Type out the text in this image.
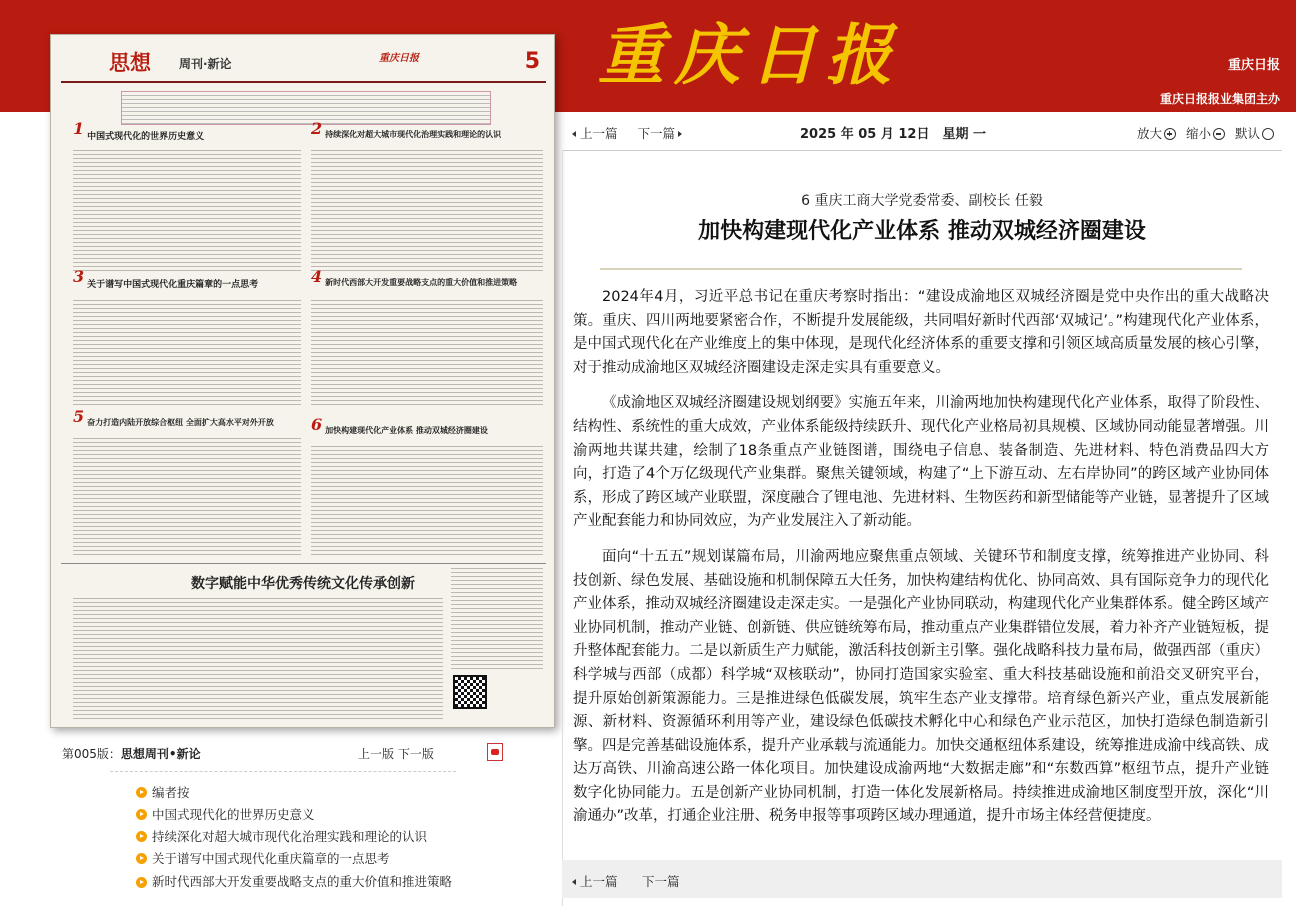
重庆日报	重庆日报
重庆日报报业集团主办
思想 周刊·新论	重庆日报	5
1 中国式现代化的世界历史意义	2 持续深化对超大城市现代化治理实践和理论的认识
3 关于谱写中国式现代化重庆篇章的一点思考	4 新时代西部大开发重要战略支点的重大价值和推进策略
5 奋力打造内陆开放综合枢纽 全面扩大高水平对外开放	6 加快构建现代化产业体系 推动双城经济圈建设
数字赋能中华优秀传统文化传承创新
第005版：思想周刊•新论	上一版 下一版
编者按
中国式现代化的世界历史意义
持续深化对超大城市现代化治理实践和理论的认识
关于谱写中国式现代化重庆篇章的一点思考
新时代西部大开发重要战略支点的重大价值和推进策略
上一篇 下一篇	2025 年 05 月 12日　星期 一	放大 缩小 默认
6 重庆工商大学党委常委、副校长 任毅
加快构建现代化产业体系 推动双城经济圈建设

2024年4月，习近平总书记在重庆考察时指出：“建设成渝地区双城经济圈是党中央作出的重大战略决策。重庆、四川两地要紧密合作，不断提升发展能级，共同唱好新时代西部‘双城记’。”构建现代化产业体系，是中国式现代化在产业维度上的集中体现，是现代化经济体系的重要支撑和引领区域高质量发展的核心引擎，对于推动成渝地区双城经济圈建设走深走实具有重要意义。

《成渝地区双城经济圈建设规划纲要》实施五年来，川渝两地加快构建现代化产业体系，取得了阶段性、结构性、系统性的重大成效，产业体系能级持续跃升、现代化产业格局初具规模、区域协同动能显著增强。川渝两地共谋共建，绘制了18条重点产业链图谱，围绕电子信息、装备制造、先进材料、特色消费品四大方向，打造了4个万亿级现代产业集群。聚焦关键领域，构建了“上下游互动、左右岸协同”的跨区域产业协同体系，形成了跨区域产业联盟，深度融合了锂电池、先进材料、生物医药和新型储能等产业链，显著提升了区域产业配套能力和协同效应，为产业发展注入了新动能。

面向“十五五”规划谋篇布局，川渝两地应聚焦重点领域、关键环节和制度支撑，统筹推进产业协同、科技创新、绿色发展、基础设施和机制保障五大任务，加快构建结构优化、协同高效、具有国际竞争力的现代化产业体系，推动双城经济圈建设走深走实。一是强化产业协同联动，构建现代化产业集群体系。健全跨区域产业协同机制，推动产业链、创新链、供应链统筹布局，推动重点产业集群错位发展，着力补齐产业链短板，提升整体配套能力。二是以新质生产力赋能，激活科技创新主引擎。强化战略科技力量布局，做强西部（重庆）科学城与西部（成都）科学城“双核联动”，协同打造国家实验室、重大科技基础设施和前沿交叉研究平台，提升原始创新策源能力。三是推进绿色低碳发展，筑牢生态产业支撑带。培育绿色新兴产业，重点发展新能源、新材料、资源循环利用等产业，建设绿色低碳技术孵化中心和绿色产业示范区，加快打造绿色制造新引擎。四是完善基础设施体系，提升产业承载与流通能力。加快交通枢纽体系建设，统筹推进成渝中线高铁、成达万高铁、川渝高速公路一体化项目。加快建设成渝两地“大数据走廊”和“东数西算”枢纽节点，提升产业链数字化协同能力。五是创新产业协同机制，打造一体化发展新格局。持续推进成渝地区制度型开放，深化“川渝通办”改革，打通企业注册、税务申报等事项跨区域办理通道，提升市场主体经营便捷度。

上一篇 下一篇
